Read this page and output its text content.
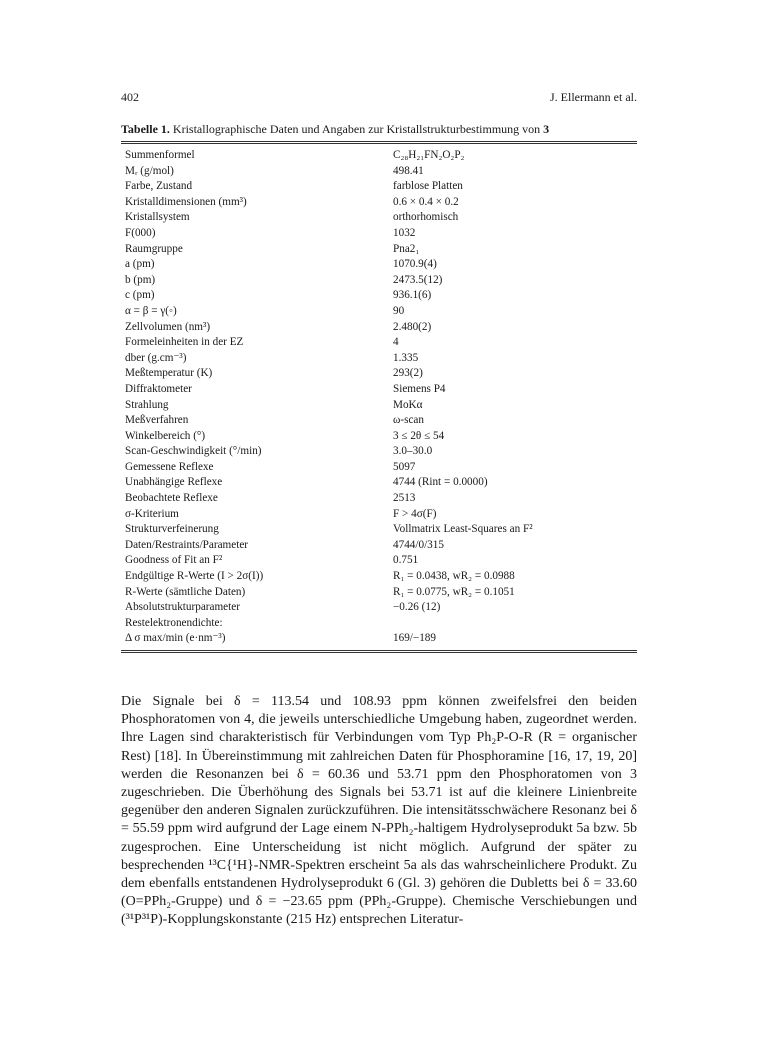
402	J. Ellermann et al.
Tabelle 1. Kristallographische Daten und Angaben zur Kristallstrukturbestimmung von 3
Summenformel	C₂₈H₂₁FN₂O₂P₂
Mᵣ (g/mol)	498.41
Farbe, Zustand	farblose Platten
Kristalldimensionen (mm³)	0.6 × 0.4 × 0.2
Kristallsystem	orthorhomisch
F(000)	1032
Raumgruppe	Pna2₁
a (pm)	1070.9(4)
b (pm)	2473.5(12)
c (pm)	936.1(6)
α = β = γ(◦)	90
Zellvolumen (nm³)	2.480(2)
Formeleinheiten in der EZ	4
dber (g.cm⁻³)	1.335
Meßtemperatur (K)	293(2)
Diffraktometer	Siemens P4
Strahlung	MoKα
Meßverfahren	ω-scan
Winkelbereich (°)	3 ≤ 2θ ≤ 54
Scan-Geschwindigkeit (°/min)	3.0–30.0
Gemessene Reflexe	5097
Unabhängige Reflexe	4744 (Rint = 0.0000)
Beobachtete Reflexe	2513
σ-Kriterium	F > 4σ(F)
Strukturverfeinerung	Vollmatrix Least-Squares an F²
Daten/Restraints/Parameter	4744/0/315
Goodness of Fit an F²	0.751
Endgültige R-Werte (I > 2σ(I))	R₁ = 0.0438, wR₂ = 0.0988
R-Werte (sämtliche Daten)	R₁ = 0.0775, wR₂ = 0.1051
Absolutstrukturparameter	−0.26 (12)
Restelektronendichte:	
Δ σ max/min (e·nm⁻³)	169/−189

Die Signale bei δ = 113.54 und 108.93 ppm können zweifelsfrei den beiden Phosphoratomen von 4, die jeweils unterschiedliche Umgebung haben, zugeordnet werden. Ihre Lagen sind charakteristisch für Verbindungen vom Typ Ph₂P-O-R (R = organischer Rest) [18]. In Übereinstimmung mit zahlreichen Daten für Phosphoramine [16, 17, 19, 20] werden die Resonanzen bei δ = 60.36 und 53.71 ppm den Phosphoratomen von 3 zugeschrieben. Die Überhöhung des Signals bei 53.71 ist auf die kleinere Linienbreite gegenüber den anderen Signalen zurückzuführen. Die intensitätsschwächere Resonanz bei δ = 55.59 ppm wird aufgrund der Lage einem N-PPh₂-haltigem Hydrolyseprodukt 5a bzw. 5b zugesprochen. Eine Unterscheidung ist nicht möglich. Aufgrund der später zu besprechenden ¹³C{¹H}-NMR-Spektren erscheint 5a als das wahrscheinlichere Produkt. Zu dem ebenfalls entstandenen Hydrolyseprodukt 6 (Gl. 3) gehören die Dubletts bei δ = 33.60 (O=PPh₂-Gruppe) und δ = −23.65 ppm (PPh₂-Gruppe). Chemische Verschiebungen und (³¹P³¹P)-Kopplungskonstante (215 Hz) entsprechen Literatur-
